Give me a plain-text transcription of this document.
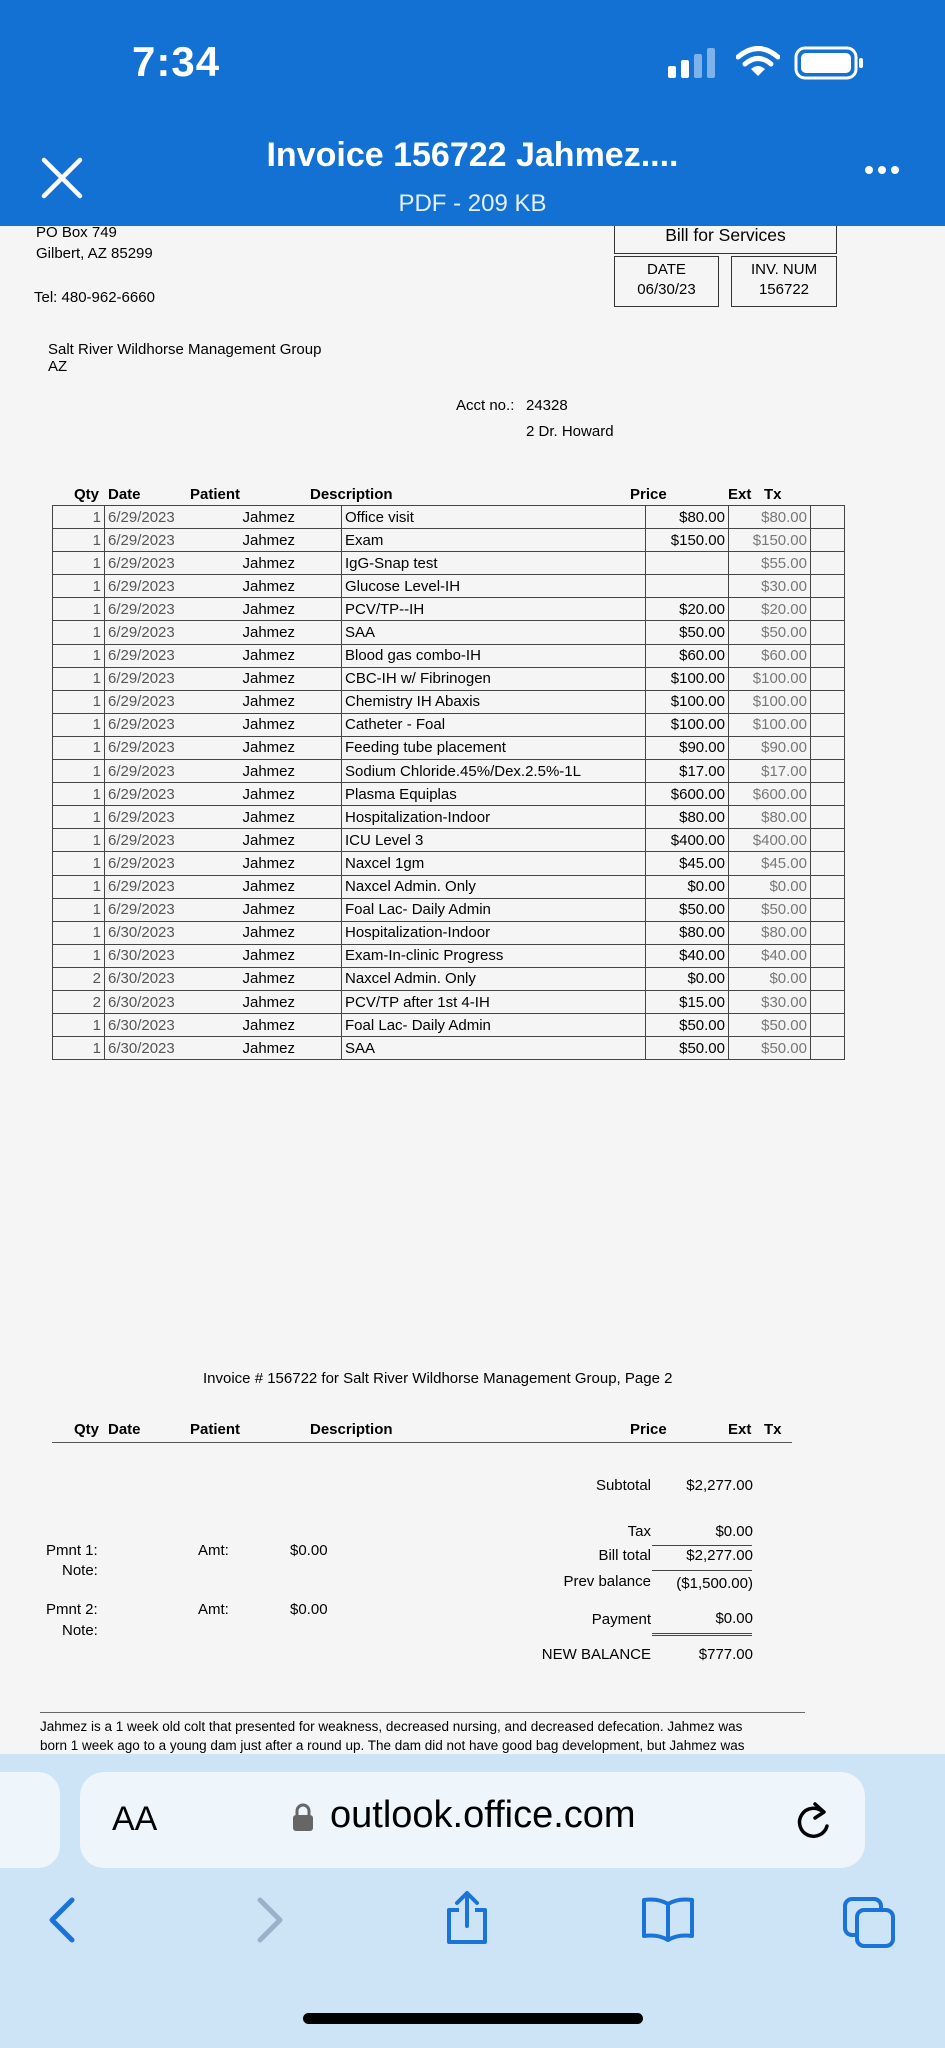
7:34
Invoice 156722 Jahmez....
PDF - 209 KB
PO Box 749
Gilbert, AZ 85299
Tel: 480-962-6660
Bill for Services
DATE
06/30/23
INV. NUM
156722
Salt River Wildhorse Management Group
AZ
Acct no.: 24328
2 Dr. Howard
Qty Date	Patient	Description	Price	Ext Tx
1	6/29/2023	Jahmez	Office visit	$80.00	$80.00	
1	6/29/2023	Jahmez	Exam	$150.00	$150.00	
1	6/29/2023	Jahmez	IgG-Snap test		$55.00	
1	6/29/2023	Jahmez	Glucose Level-IH		$30.00	
1	6/29/2023	Jahmez	PCV/TP--IH	$20.00	$20.00	
1	6/29/2023	Jahmez	SAA	$50.00	$50.00	
1	6/29/2023	Jahmez	Blood gas combo-IH	$60.00	$60.00	
1	6/29/2023	Jahmez	CBC-IH w/ Fibrinogen	$100.00	$100.00	
1	6/29/2023	Jahmez	Chemistry IH Abaxis	$100.00	$100.00	
1	6/29/2023	Jahmez	Catheter - Foal	$100.00	$100.00	
1	6/29/2023	Jahmez	Feeding tube placement	$90.00	$90.00	
1	6/29/2023	Jahmez	Sodium Chloride.45%/Dex.2.5%-1L	$17.00	$17.00	
1	6/29/2023	Jahmez	Plasma Equiplas	$600.00	$600.00	
1	6/29/2023	Jahmez	Hospitalization-Indoor	$80.00	$80.00	
1	6/29/2023	Jahmez	ICU Level 3	$400.00	$400.00	
1	6/29/2023	Jahmez	Naxcel 1gm	$45.00	$45.00	
1	6/29/2023	Jahmez	Naxcel Admin. Only	$0.00	$0.00	
1	6/29/2023	Jahmez	Foal Lac- Daily Admin	$50.00	$50.00	
1	6/30/2023	Jahmez	Hospitalization-Indoor	$80.00	$80.00	
1	6/30/2023	Jahmez	Exam-In-clinic Progress	$40.00	$40.00	
2	6/30/2023	Jahmez	Naxcel Admin. Only	$0.00	$0.00	
2	6/30/2023	Jahmez	PCV/TP after 1st 4-IH	$15.00	$30.00	
1	6/30/2023	Jahmez	Foal Lac- Daily Admin	$50.00	$50.00	
1	6/30/2023	Jahmez	SAA	$50.00	$50.00	
Invoice # 156722 for Salt River Wildhorse Management Group, Page 2
Qty Date	Patient	Description	Price	Ext Tx
Subtotal $2,277.00
Tax	$0.00
Bill total $2,277.00
Prev balance ($1,500.00)
Payment	$0.00
NEW BALANCE	$777.00
Pmnt 1:
Note:
Amt:	$0.00
Pmnt 2:
Note:
Amt:	$0.00
Jahmez is a 1 week old colt that presented for weakness, decreased nursing, and decreased defecation. Jahmez was
born 1 week ago to a young dam just after a round up. The dam did not have good bag development, but Jahmez was
AA	outlook.office.com
